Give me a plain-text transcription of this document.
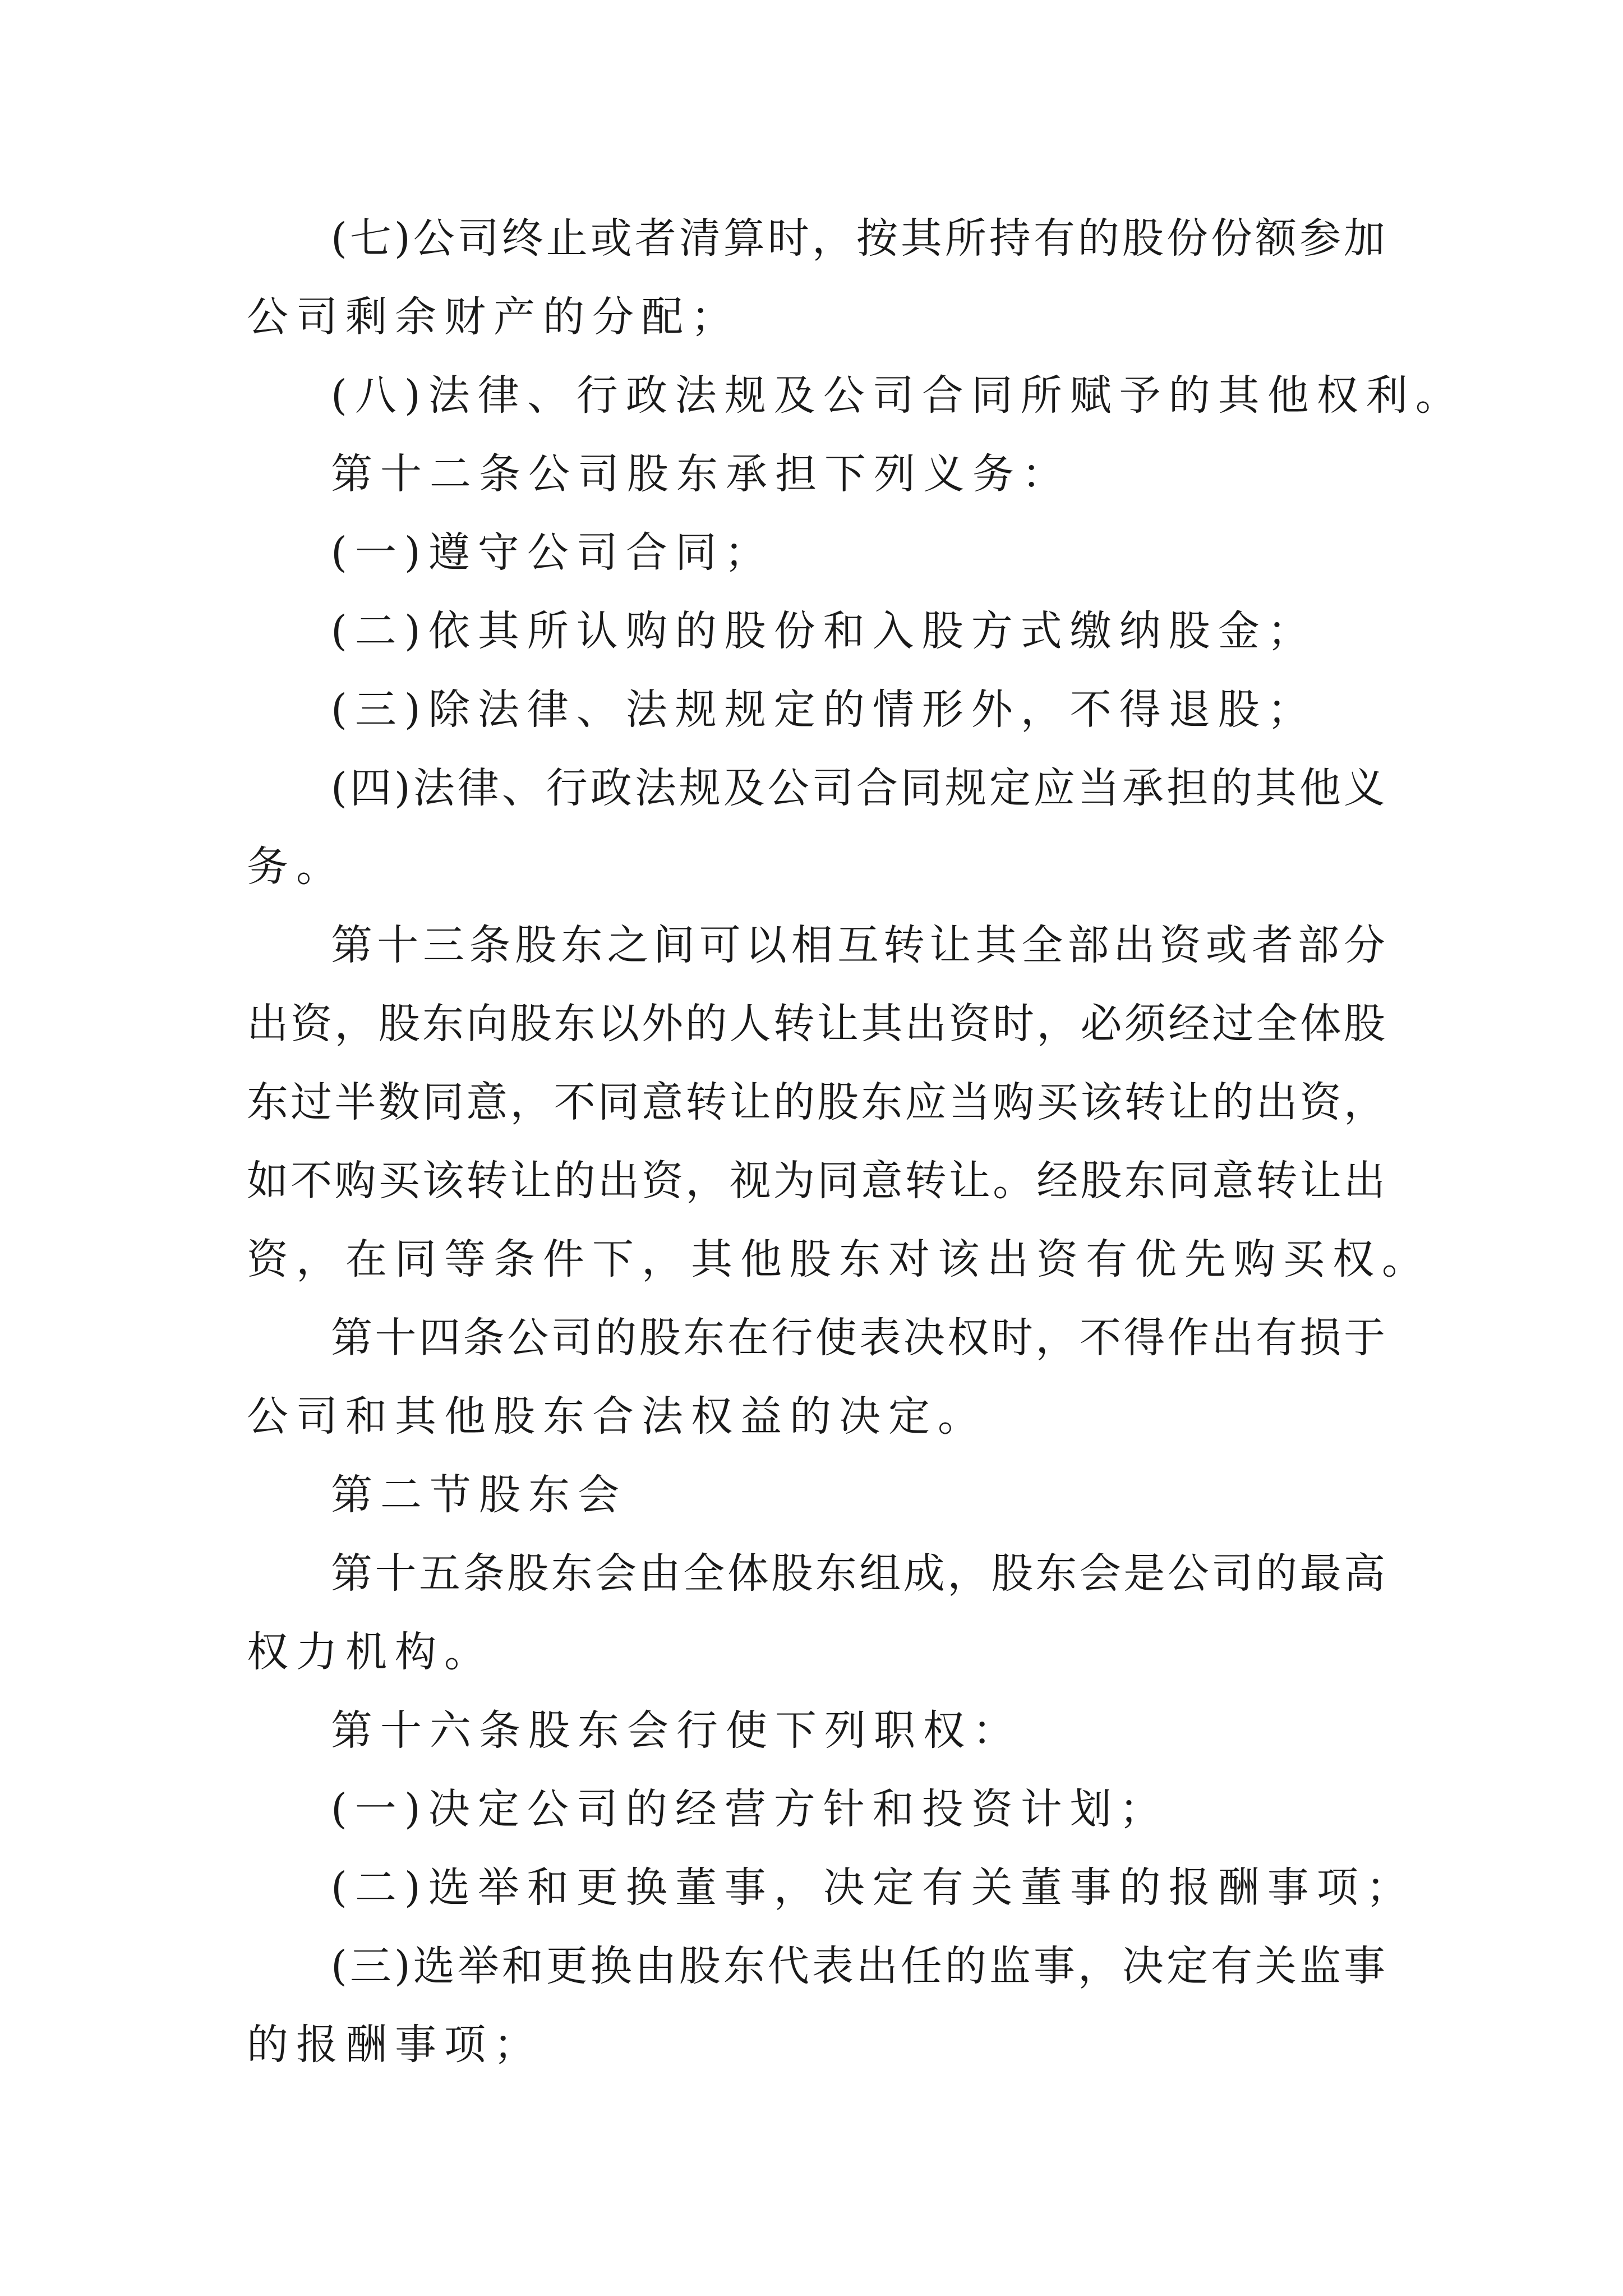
(七)公司终止或者清算时，按其所持有的股份份额参加
公司剩余财产的分配；
(八)法律、行政法规及公司合同所赋予的其他权利。
第十二条公司股东承担下列义务：
(一)遵守公司合同；
(二)依其所认购的股份和入股方式缴纳股金；
(三)除法律、法规规定的情形外，不得退股；
(四)法律、行政法规及公司合同规定应当承担的其他义
务。
第十三条股东之间可以相互转让其全部出资或者部分
出资，股东向股东以外的人转让其出资时，必须经过全体股
东过半数同意，不同意转让的股东应当购买该转让的出资，
如不购买该转让的出资，视为同意转让。经股东同意转让出
资，在同等条件下，其他股东对该出资有优先购买权。
第十四条公司的股东在行使表决权时，不得作出有损于
公司和其他股东合法权益的决定。
第二节股东会
第十五条股东会由全体股东组成，股东会是公司的最高
权力机构。
第十六条股东会行使下列职权：
(一)决定公司的经营方针和投资计划；
(二)选举和更换董事，决定有关董事的报酬事项；
(三)选举和更换由股东代表出任的监事，决定有关监事
的报酬事项；
